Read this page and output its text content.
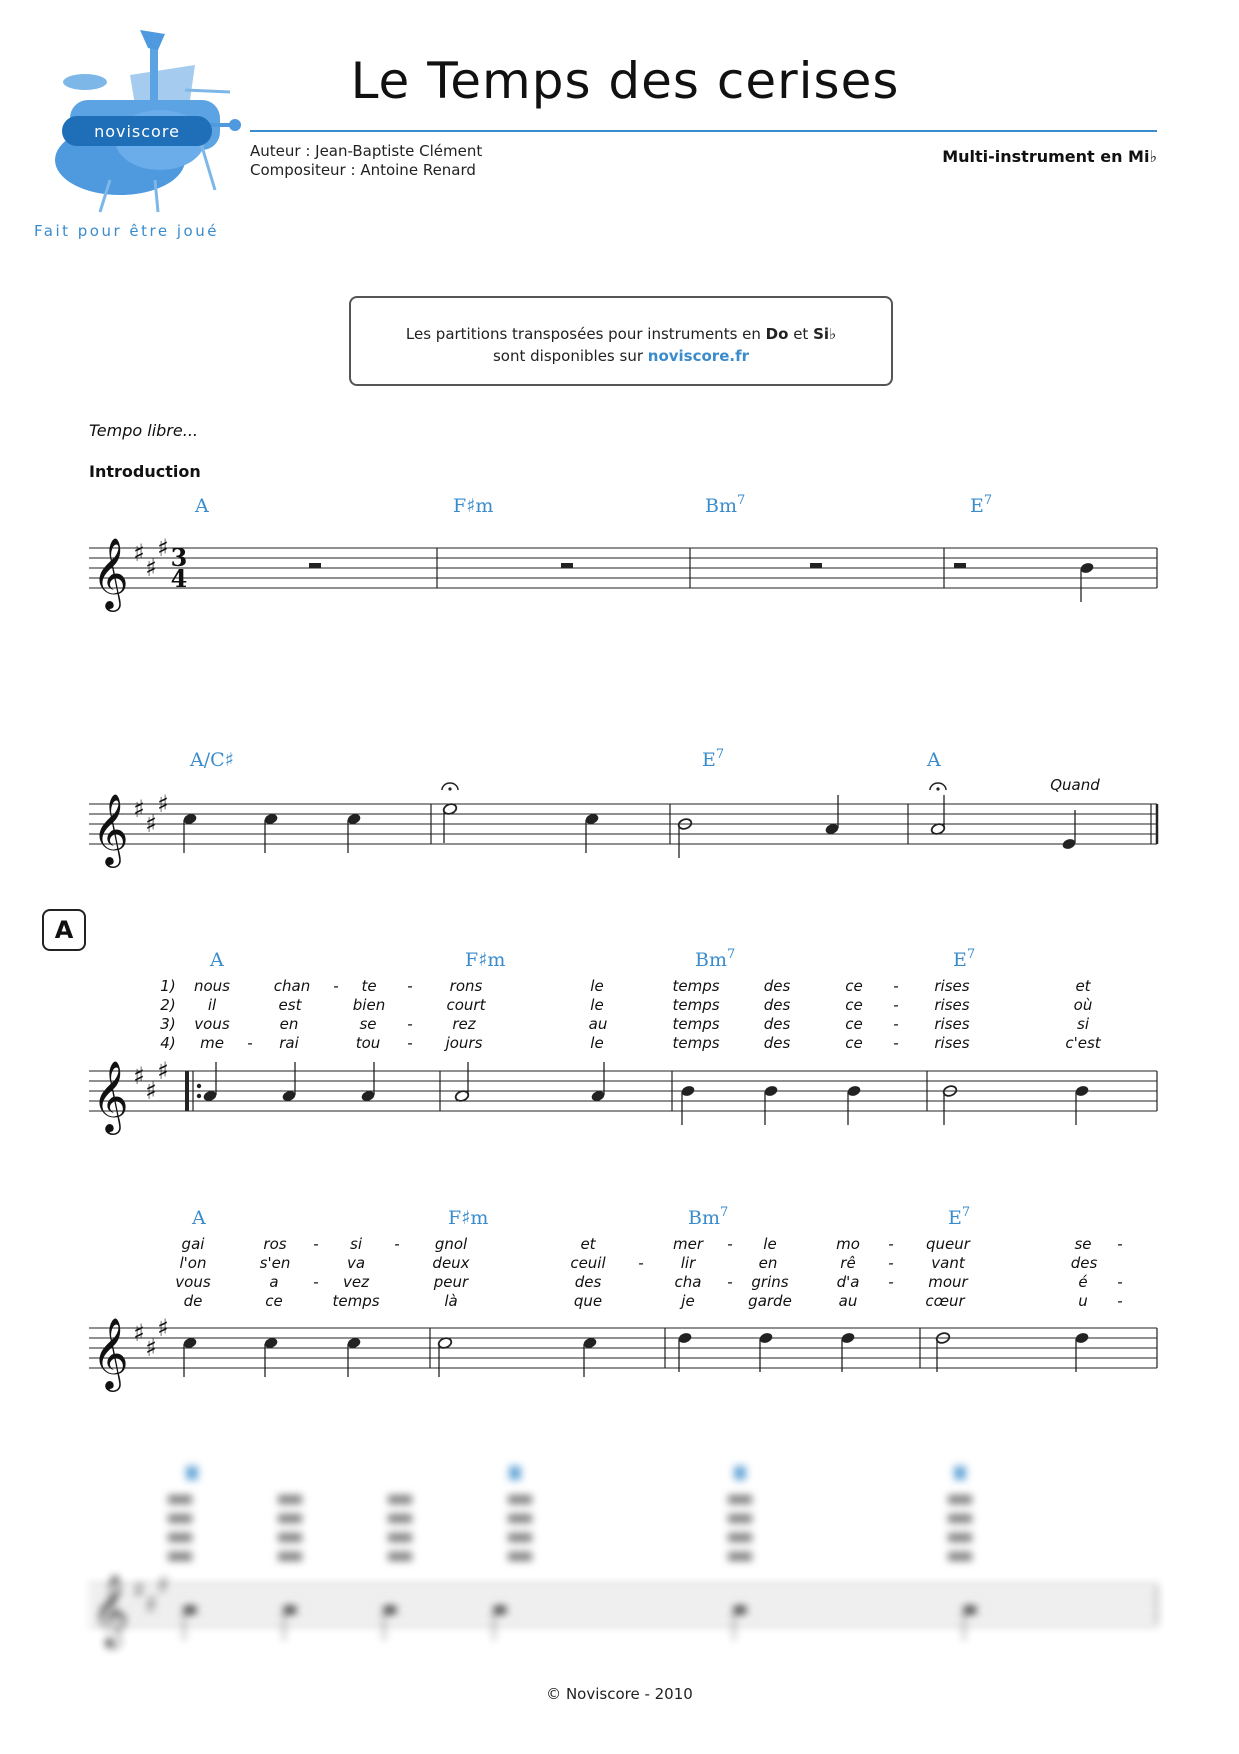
noviscore
Fait pour être joué
Le Temps des cerises
Auteur : Jean-Baptiste Clément
Compositeur : Antoine Renard
Multi-instrument en Mi♭
Les partitions transposées pour instruments en Do et Si♭
sont disponibles sur noviscore.fr
Tempo libre...
Introduction
A
𝄞 ♯
♯
♯ 3
4
A	F♯m	Bm$^7$	$E^7$
𝄞 ♯
♯
♯
A/C♯	$E^7$	A
Quand
𝄞 ♯
♯
♯
A	F♯m	Bm$^7$	$E^7$
1) nous	chan - te - rons	le	temps	des	ce - rises	et
2) il	est	bien	court	le	temps	des	ce - rises	où
3) vous	en	se -	rez	au	temps	des	ce - rises	si
4) me - rai	tou - jours	le	temps	des	ce - rises	c'est
𝄞 ♯
♯
♯
A	F♯m	Bm$^7$	$E^7$
gai	ros - si - gnol	et	mer - le	mo - queur	se -
l'on	s'en	va	deux	ceuil - lir	en	rê -	vant	des
vous	a - vez	peur	des	cha - grins	d'a - mour	é -
de	ce	temps	là	que	je	garde	au	cœur	u -
𝄞 ♯
♯
♯
© Noviscore - 2010
